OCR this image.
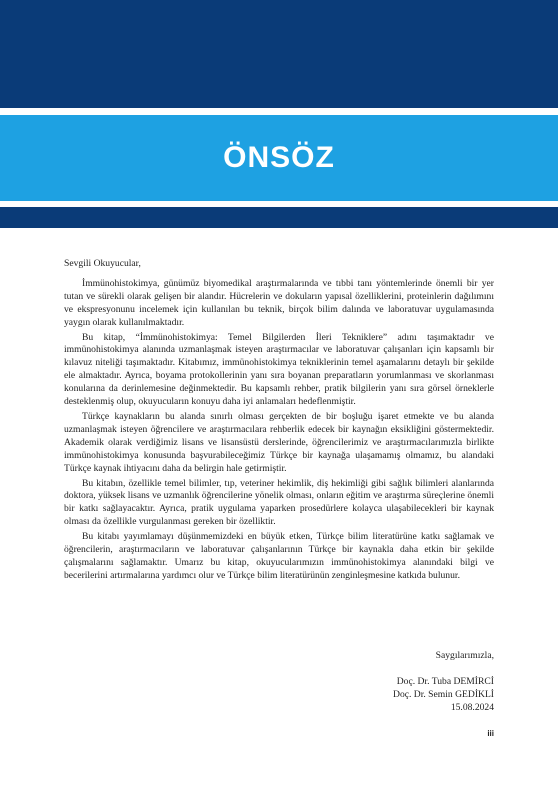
ÖNSÖZ

Sevgili Okuyucular,

İmmünohistokimya, günümüz biyomedikal araştırmalarında ve tıbbi tanı yöntemlerinde önemli bir yer tutan ve sürekli olarak gelişen bir alandır. Hücrelerin ve dokuların yapısal özelliklerini, proteinlerin dağılımını ve ekspresyonunu incelemek için kullanılan bu teknik, birçok bilim dalında ve laboratuvar uygulamasında yaygın olarak kullanılmaktadır.

Bu kitap, “İmmünohistokimya: Temel Bilgilerden İleri Tekniklere” adını taşımaktadır ve immünohistokimya alanında uzmanlaşmak isteyen araştırmacılar ve laboratuvar çalışanları için kapsamlı bir kılavuz niteliği taşımaktadır. Kitabımız, immünohistokimya tekniklerinin temel aşamalarını detaylı bir şekilde ele almaktadır. Ayrıca, boyama protokollerinin yanı sıra boyanan preparatların yorumlanması ve skorlanması konularına da derinlemesine değinmektedir. Bu kapsamlı rehber, pratik bilgilerin yanı sıra görsel örneklerle desteklenmiş olup, okuyucuların konuyu daha iyi anlamaları hedeflenmiştir.

Türkçe kaynakların bu alanda sınırlı olması gerçekten de bir boşluğu işaret etmekte ve bu alanda uzmanlaşmak isteyen öğrencilere ve araştırmacılara rehberlik edecek bir kaynağın eksikliğini göstermektedir. Akademik olarak verdiğimiz lisans ve lisansüstü derslerinde, öğrencilerimiz ve araştırmacılarımızla birlikte immünohistokimya konusunda başvurabileceğimiz Türkçe bir kaynağa ulaşamamış olmamız, bu alandaki Türkçe kaynak ihtiyacını daha da belirgin hale getirmiştir.

Bu kitabın, özellikle temel bilimler, tıp, veteriner hekimlik, diş hekimliği gibi sağlık bilimleri alanlarında doktora, yüksek lisans ve uzmanlık öğrencilerine yönelik olması, onların eğitim ve araştırma süreçlerine önemli bir katkı sağlayacaktır. Ayrıca, pratik uygulama yaparken prosedürlere kolayca ulaşabilecekleri bir kaynak olması da özellikle vurgulanması gereken bir özelliktir.

Bu kitabı yayımlamayı düşünmemizdeki en büyük etken, Türkçe bilim literatürüne katkı sağlamak ve öğrencilerin, araştırmacıların ve laboratuvar çalışanlarının Türkçe bir kaynakla daha etkin bir şekilde çalışmalarını sağlamaktır. Umarız bu kitap, okuyucularımızın immünohistokimya alanındaki bilgi ve becerilerini artırmalarına yardımcı olur ve Türkçe bilim literatürünün zenginleşmesine katkıda bulunur.

Saygılarımızla,
Doç. Dr. Tuba DEMİRCİ
Doç. Dr. Semin GEDİKLİ
15.08.2024
iii
